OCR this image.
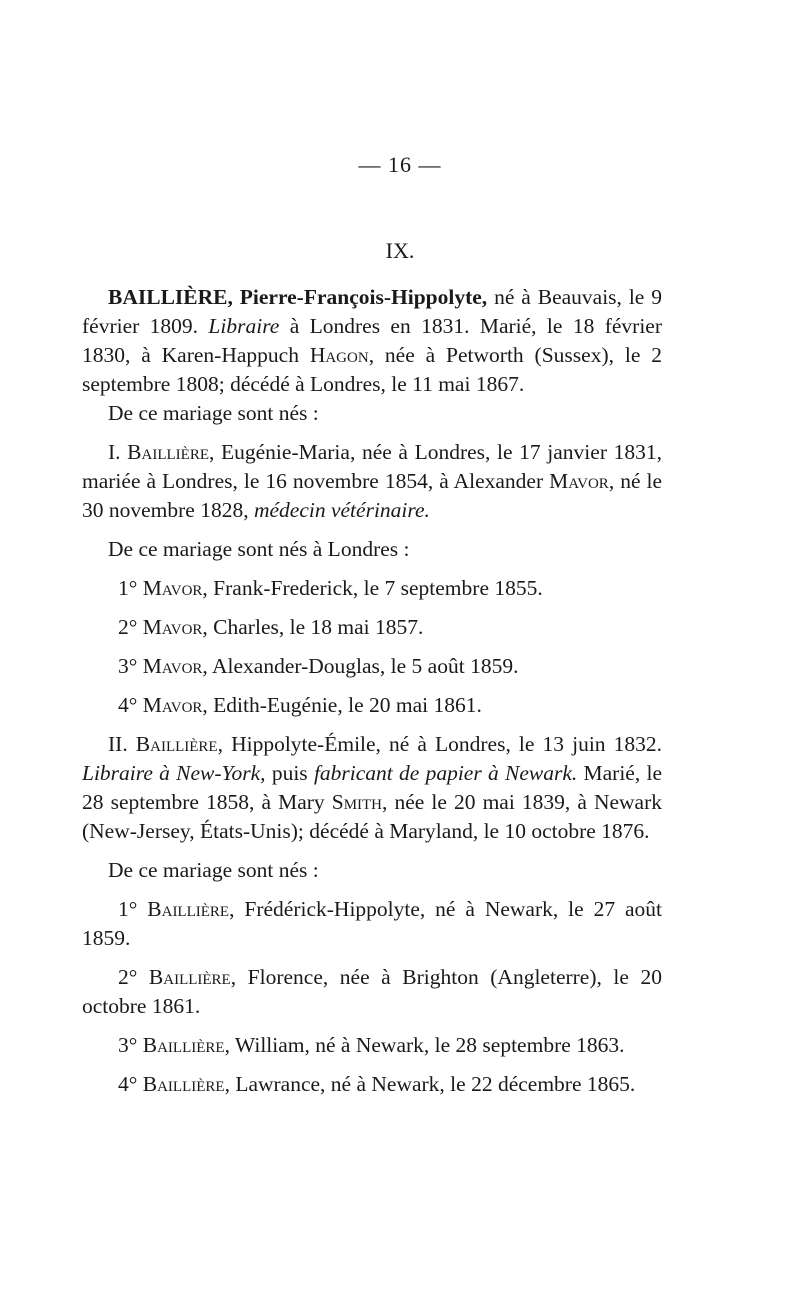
— 16 —
IX.

BAILLIÈRE, Pierre-François-Hippolyte, né à Beauvais, le 9 février 1809. Libraire à Londres en 1831. Marié, le 18 février 1830, à Karen-Happuch Hagon, née à Petworth (Sussex), le 2 septembre 1808; décédé à Londres, le 11 mai 1867.

De ce mariage sont nés :

I. Baillière, Eugénie-Maria, née à Londres, le 17 janvier 1831, mariée à Londres, le 16 novembre 1854, à Alexander Mavor, né le 30 novembre 1828, médecin vétérinaire.

De ce mariage sont nés à Londres :

1° Mavor, Frank-Frederick, le 7 septembre 1855.

2° Mavor, Charles, le 18 mai 1857.

3° Mavor, Alexander-Douglas, le 5 août 1859.

4° Mavor, Edith-Eugénie, le 20 mai 1861.

II. Baillière, Hippolyte-Émile, né à Londres, le 13 juin 1832. Libraire à New-York, puis fabricant de papier à Newark. Marié, le 28 septembre 1858, à Mary Smith, née le 20 mai 1839, à Newark (New-Jersey, États-Unis); décédé à Maryland, le 10 octobre 1876.

De ce mariage sont nés :

1° Baillière, Frédérick-Hippolyte, né à Newark, le 27 août 1859.

2° Baillière, Florence, née à Brighton (Angleterre), le 20 octobre 1861.

3° Baillière, William, né à Newark, le 28 septembre 1863.

4° Baillière, Lawrance, né à Newark, le 22 décembre 1865.
